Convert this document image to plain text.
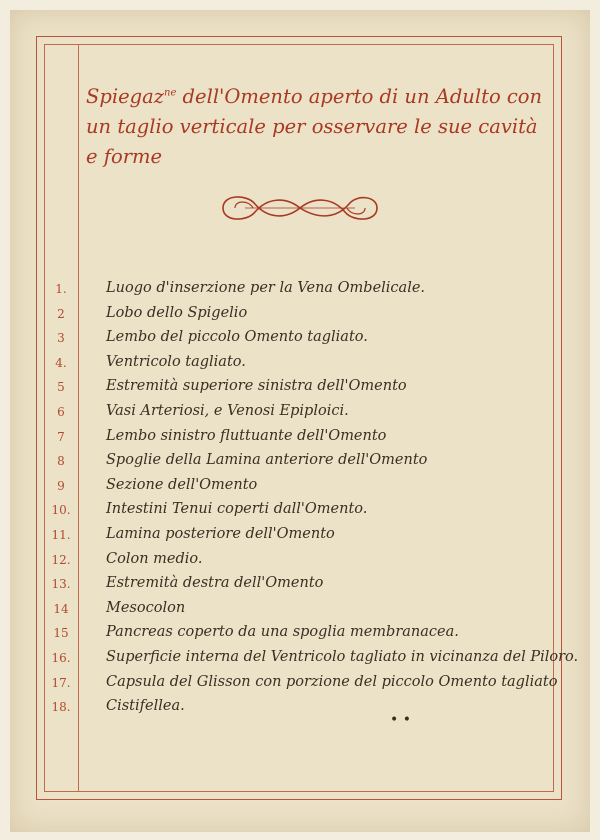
Spiegaz$^{ne}$ dell'Omento aperto di un Adulto con un taglio verticale per osservare le sue cavità e forme
1.	Luogo d'inserzione per la Vena Ombelicale.
2	Lobo dello Spigelio
3	Lembo del piccolo Omento tagliato.
4.	Ventricolo tagliato.
5	Estremità superiore sinistra dell'Omento
6	Vasi Arteriosi, e Venosi Epiploici.
7	Lembo sinistro fluttuante dell'Omento
8	Spoglie della Lamina anteriore dell'Omento
9	Sezione dell'Omento
10.	Intestini Tenui coperti dall'Omento.
11.	Lamina posteriore dell'Omento
12.	Colon medio.
13.	Estremità destra dell'Omento
14	Mesocolon
15	Pancreas coperto da una spoglia membranacea.
16.	Superficie interna del Ventricolo tagliato in vicinanza del Piloro.
17.	Capsula del Glisson con porzione del piccolo Omento tagliato
18.	Cistifellea.
• •
